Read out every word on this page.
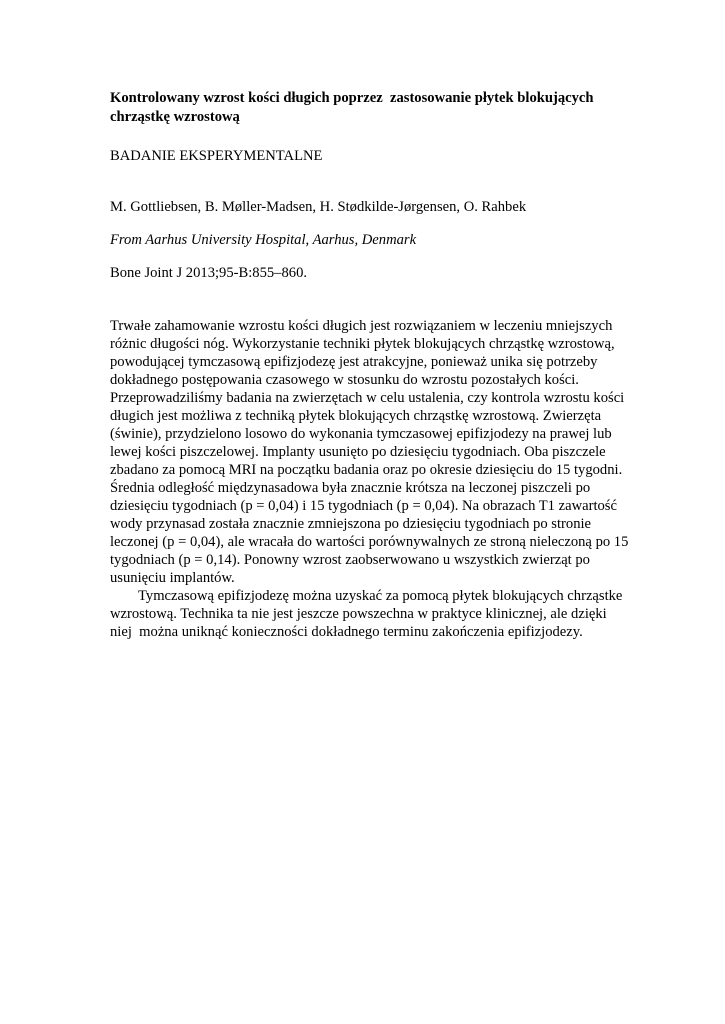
Kontrolowany wzrost kości długich poprzez  zastosowanie płytek blokujących chrząstkę wzrostową
BADANIE EKSPERYMENTALNE
M. Gottliebsen, B. Møller-Madsen, H. Stødkilde-Jørgensen, O. Rahbek
From Aarhus University Hospital, Aarhus, Denmark
Bone Joint J 2013;95-B:855–860.

Trwałe zahamowanie wzrostu kości długich jest rozwiązaniem w leczeniu mniejszych różnic długości nóg. Wykorzystanie techniki płytek blokujących chrząstkę wzrostową, powodującej tymczasową epifizjodezę jest atrakcyjne, ponieważ unika się potrzeby dokładnego postępowania czasowego w stosunku do wzrostu pozostałych kości. Przeprowadziliśmy badania na zwierzętach w celu ustalenia, czy kontrola wzrostu kości długich jest możliwa z techniką płytek blokujących chrząstkę wzrostową. Zwierzęta (świnie), przydzielono losowo do wykonania tymczasowej epifizjodezy na prawej lub lewej kości piszczelowej. Implanty usunięto po dziesięciu tygodniach. Oba piszczele zbadano za pomocą MRI na początku badania oraz po okresie dziesięciu do 15 tygodni. Średnia odległość międzynasadowa była znacznie krótsza na leczonej piszczeli po dziesięciu tygodniach (p = 0,04) i 15 tygodniach (p = 0,04). Na obrazach T1 zawartość wody przynasad została znacznie zmniejszona po dziesięciu tygodniach po stronie leczonej (p = 0,04), ale wracała do wartości porównywalnych ze stroną nieleczoną po 15 tygodniach (p = 0,14). Ponowny wzrost zaobserwowano u wszystkich zwierząt po usunięciu implantów.

Tymczasową epifizjodezę można uzyskać za pomocą płytek blokujących chrząstke wzrostową. Technika ta nie jest jeszcze powszechna w praktyce klinicznej, ale dzięki niej  można uniknąć konieczności dokładnego terminu zakończenia epifizjodezy.
